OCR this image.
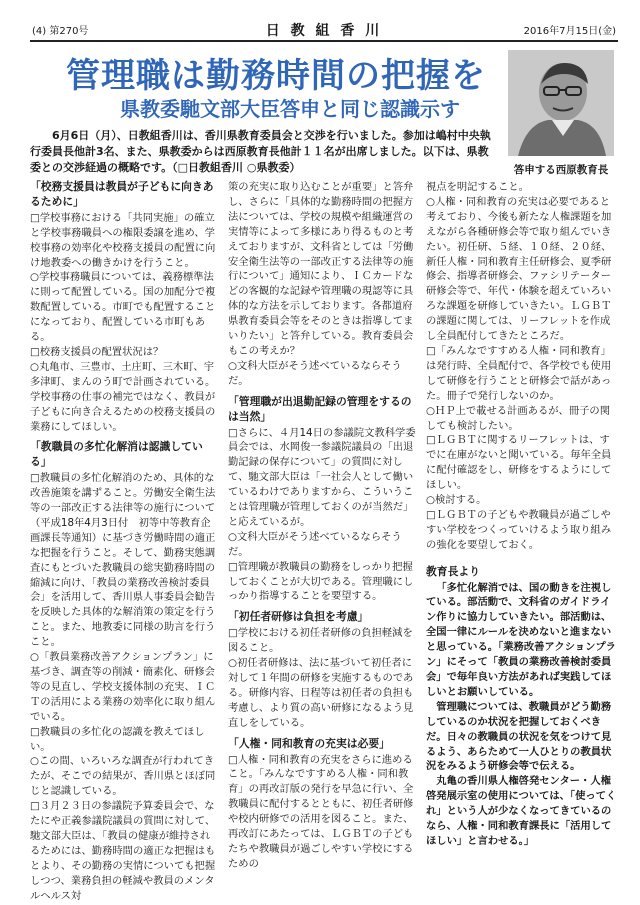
(4) 第270号	日 教 組 香 川	2016年7月15日(金)
管理職は勤務時間の把握を
県教委馳文部大臣答申と同じ認識示す
答申する西原教育長

6月6日（月）、日教組香川は、香川県教育委員会と交渉を行いました。参加は嶋村中央執行委員長他計3名、また、県教委からは西原教育長他計１１名が出席しました。以下は、県教委との交渉経過の概略です。（□日教組香川 ○県教委）

「校務支援員は教員が子どもに向きあるために」
□学校事務における「共同実施」の確立と学校事務職員への権限委譲を進め、学校事務の効率化や校務支援員の配置に向け地教委への働きかけを行うこと。
○学校事務職員については、義務標準法に則って配置している。国の加配分で複数配置している。市町でも配置することになっており、配置している市町もある。
□校務支援員の配置状況は？
○丸亀市、三豊市、土庄町、三木町、宇多津町、まんのう町で計画されている。学校事務の仕事の補完ではなく、教員が子どもに向き合えるための校務支援員の業務にしてほしい。
「教職員の多忙化解消は認識している」
□教職員の多忙化解消のため、具体的な改善施策を講ずること。労働安全衛生法等の一部改正する法律等の施行について（平成18年4月3日付　初等中等教育企画課長等通知）に基づき労働時間の適正な把握を行うこと。そして、勤務実態調査にもとづいた教職員の総実勤務時間の縮減に向け、「教員の業務改善検討委員会」を活用して、香川県人事委員会勧告を反映した具体的な解消策の策定を行うこと。また、地教委に同様の助言を行うこと。
○「教員業務改善アクションプラン」に基づき、調査等の削減・簡素化、研修会等の見直し、学校支援体制の充実、ＩＣＴの活用による業務の効率化に取り組んでいる。
□教職員の多忙化の認識を教えてほしい。
○この間、いろいろな調査が行われてきたが、そこでの結果が、香川県とほぼ同じと認識している。
□３月２３日の参議院予算委員会で、なたにや正義参議院議員の質問に対して、馳文部大臣は、「教員の健康が維持されるためには、勤務時間の適正な把握はもとより、その勤務の実情についても把握しつつ、業務負担の軽減や教員のメンタルヘルス対
策の充実に取り込むことが重要」と答弁し、さらに「具体的な勤務時間の把握方法については、学校の規模や組織運営の実情等によって多様にあり得るものと考えておりますが、文科省としては「労働安全衛生法等の一部改正する法律等の施行について」通知により、ＩＣカードなどの客観的な記録や管理職の現認等に具体的な方法を示しております。各都道府県教育委員会等をそのときは指導してまいりたい」と答弁している。教育委員会もこの考えか？
○文科大臣がそう述べているならそうだ。
「管理職が出退勤記録の管理をするのは当然」
□さらに、４月14日の参議院文教科学委員会では、水岡俊一参議院議員の「出退勤記録の保存について」の質問に対して、馳文部大臣は「一社会人として働いているわけでありますから、こういうことは管理職が管理しておくのが当然だ」と応えているが。
○文科大臣がそう述べているならそうだ。
□管理職が教職員の勤務をしっかり把握しておくことが大切である。管理職にしっかり指導することを要望する。
「初任者研修は負担を考慮」
□学校における初任者研修の負担軽減を図ること。
○初任者研修は、法に基づいて初任者に対して１年間の研修を実施するものである。研修内容、日程等は初任者の負担も考慮し、より質の高い研修になるよう見直しをしている。
「人権・同和教育の充実は必要」
□人権・同和教育の充実をさらに進めること。「みんなですすめる人権・同和教育」の再改訂版の発行を早急に行い、全教職員に配付するとともに、初任者研修や校内研修での活用を図ること。また、再改訂にあたっては、ＬＧＢＴの子どもたちや教職員が過ごしやすい学校にするための
視点を明記すること。
○人権・同和教育の充実は必要であると考えており、今後も新たな人権課題を加えながら各種研修会等で取り組んでいきたい。初任研、５経、１０経、２０経、新任人権・同和教育主任研修会、夏季研修会、指導者研修会、ファシリテーター研修会等で、年代・体験を超えていろいろな課題を研修していきたい。ＬＧＢＴの課題に関しては、リーフレットを作成し全員配付してきたところだ。
□「みんなですすめる人権・同和教育」は発行時、全員配付で、各学校でも使用して研修を行うことと研修会で話があった。冊子で発行しないのか。
○ＨＰ上で載せる計画あるが、冊子の関しても検討したい。
□ＬＧＢＴに関するリーフレットは、すでに在庫がないと聞いている。毎年全員に配付確認をし、研修をするようにしてほしい。
○検討する。
□ＬＧＢＴの子どもや教職員が過ごしやすい学校をつくっていけるよう取り組みの強化を要望しておく。
教育長より
「多忙化解消では、国の動きを注視している。部活動で、文科省のガイドライン作りに協力していきたい。部活動は、全国一律にルールを決めないと進まないと思っている。「業務改善アクションプラン」にそって「教員の業務改善検討委員会」で毎年良い方法があれば実践してほしいとお願いしている。
管理職については、教職員がどう勤務しているのか状況を把握しておくべきだ。日々の教職員の状況を気をつけて見るよう、あらためて一人ひとりの教員状況をみるよう研修会等で伝える。
丸亀の香川県人権啓発センター・人権啓発展示室の使用については、「使ってくれ」という人が少なくなってきているのなら、人権・同和教育課長に「活用してほしい」と言わせる。」
